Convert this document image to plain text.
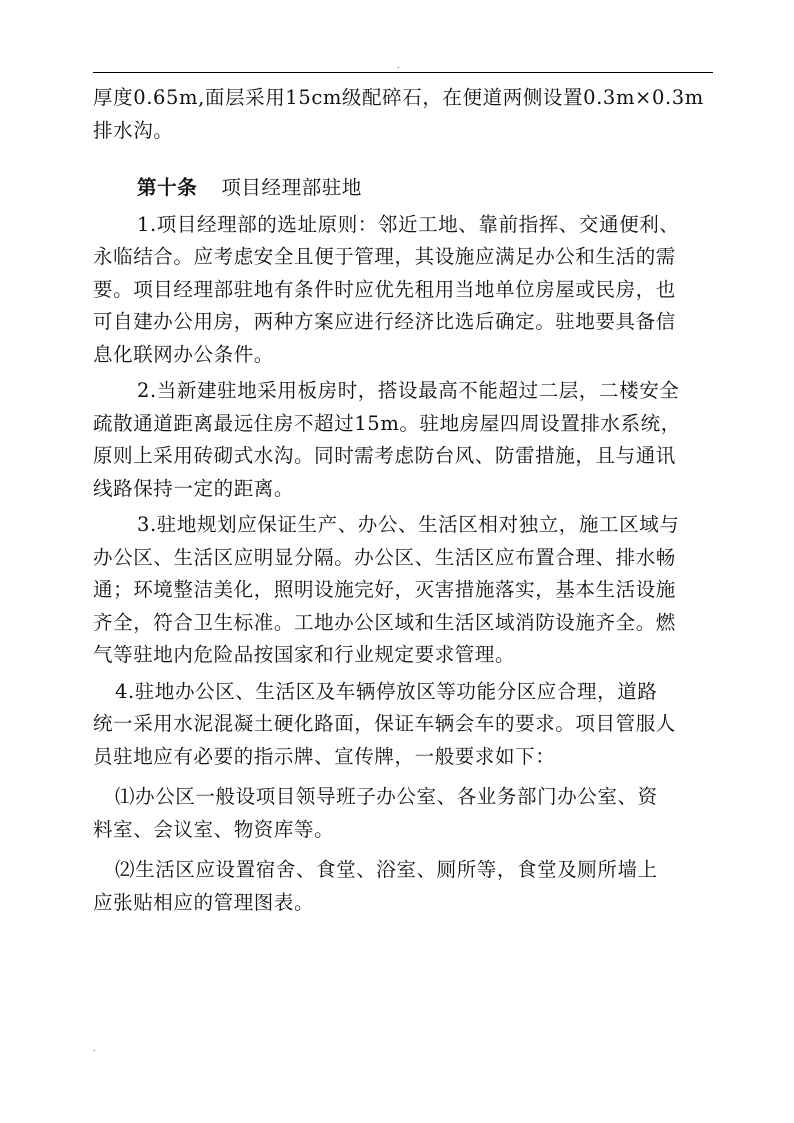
.
厚度0.65m,面层采用15cm级配碎石，在便道两侧设置0.3m×0.3m
排水沟。
第十条 项目经理部驻地
1.项目经理部的选址原则：邻近工地、靠前指挥、交通便利、
永临结合。应考虑安全且便于管理，其设施应满足办公和生活的需
要。项目经理部驻地有条件时应优先租用当地单位房屋或民房，也
可自建办公用房，两种方案应进行经济比选后确定。驻地要具备信
息化联网办公条件。
2.当新建驻地采用板房时，搭设最高不能超过二层，二楼安全
疏散通道距离最远住房不超过15m。驻地房屋四周设置排水系统，
原则上采用砖砌式水沟。同时需考虑防台风、防雷措施，且与通讯
线路保持一定的距离。
3.驻地规划应保证生产、办公、生活区相对独立，施工区域与
办公区、生活区应明显分隔。办公区、生活区应布置合理、排水畅
通；环境整洁美化，照明设施完好，灭害措施落实，基本生活设施
齐全，符合卫生标准。工地办公区域和生活区域消防设施齐全。燃
气等驻地内危险品按国家和行业规定要求管理。
4.驻地办公区、生活区及车辆停放区等功能分区应合理，道路
统一采用水泥混凝土硬化路面，保证车辆会车的要求。项目管服人
员驻地应有必要的指示牌、宣传牌，一般要求如下：
⑴办公区一般设项目领导班子办公室、各业务部门办公室、资
料室、会议室、物资库等。
⑵生活区应设置宿舍、食堂、浴室、厕所等，食堂及厕所墙上
应张贴相应的管理图表。
.
